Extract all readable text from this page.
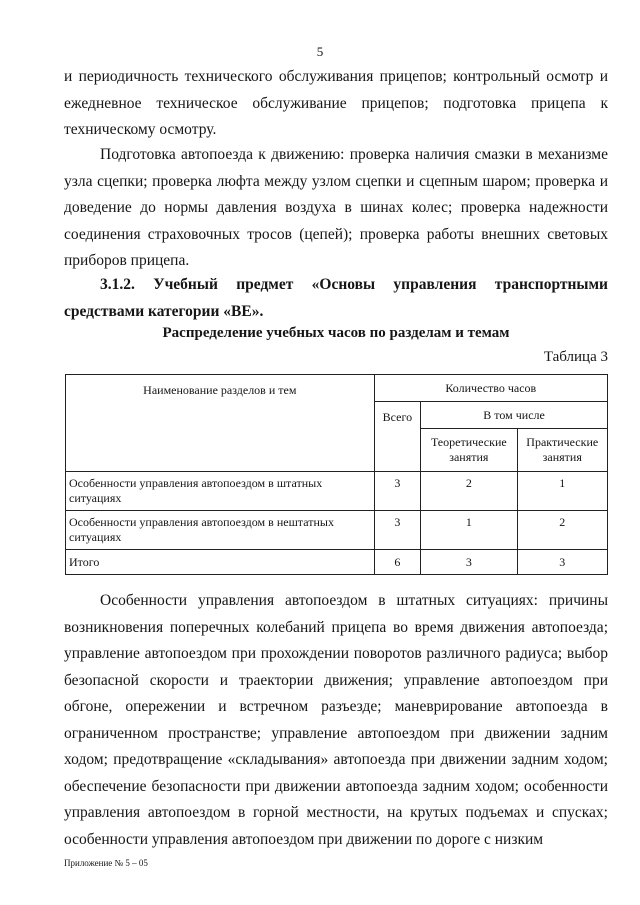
5

и периодичность технического обслуживания прицепов; контрольный осмотр и ежедневное техническое обслуживание прицепов; подготовка прицепа к техническому осмотру.

Подготовка автопоезда к движению: проверка наличия смазки в механизме узла сцепки; проверка люфта между узлом сцепки и сцепным шаром; проверка и доведение до нормы давления воздуха в шинах колес; проверка надежности соединения страховочных тросов (цепей); проверка работы внешних световых приборов прицепа.

3.1.2. Учебный предмет «Основы управления транспортными средствами категории «ВЕ».

Распределение учебных часов по разделам и темам
Таблица 3
Наименование разделов и тем	Количество часов		
	Всего	В том числе	
		Теоретические занятия	Практические занятия
Особенности управления автопоездом в штатных ситуациях	3	2	1
Особенности управления автопоездом в нештатных ситуациях	3	1	2
Итого	6	3	3

Особенности управления автопоездом в штатных ситуациях: причины возникновения поперечных колебаний прицепа во время движения автопоезда; управление автопоездом при прохождении поворотов различного радиуса; выбор безопасной скорости и траектории движения; управление автопоездом при обгоне, опережении и встречном разъезде; маневрирование автопоезда в ограниченном пространстве; управление автопоездом при движении задним ходом; предотвращение «складывания» автопоезда при движении задним ходом; обеспечение безопасности при движении автопоезда задним ходом; особенности управления автопоездом в горной местности, на крутых подъемах и спусках; особенности управления автопоездом при движении по дороге с низким

Приложение № 5 – 05
